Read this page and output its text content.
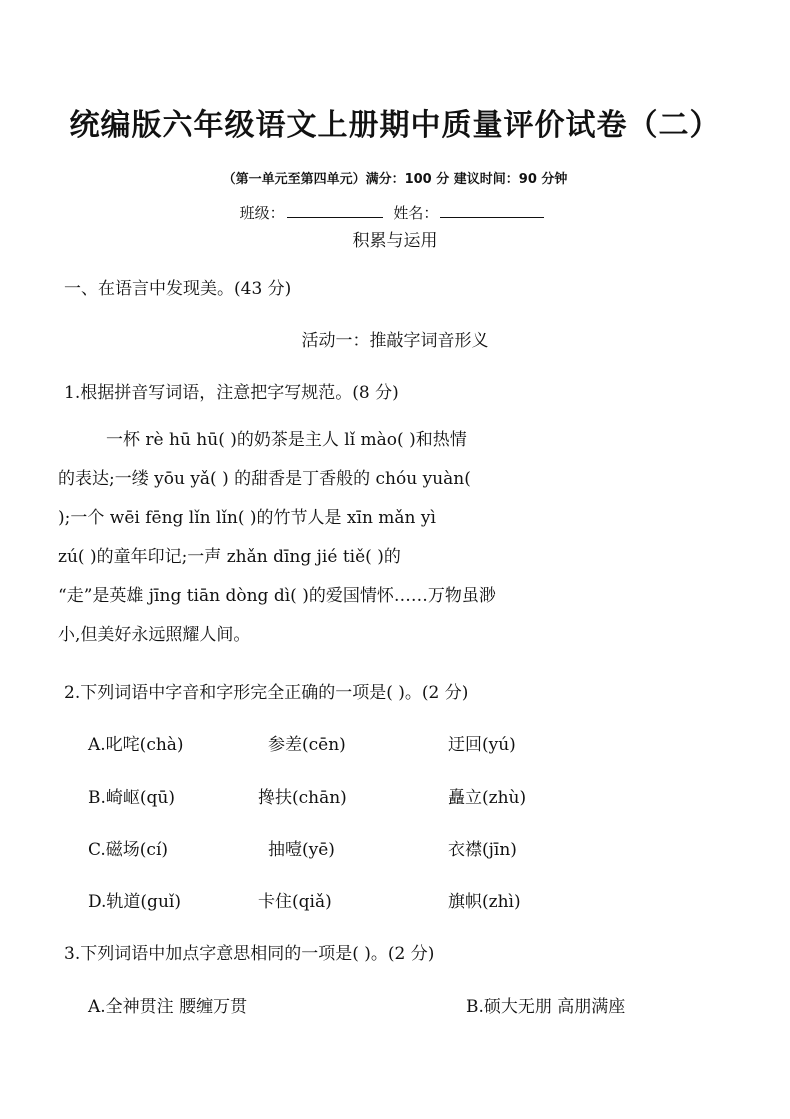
统编版六年级语文上册期中质量评价试卷（二）
（第一单元至第四单元）满分：100 分 建议时间：90 分钟
班级：	姓名：
积累与运用
一、在语言中发现美。(43 分)
活动一：推敲字词音形义
1.根据拼音写词语，注意把字写规范。(8 分)
一杯 rè hū hū( )的奶茶是主人 lǐ mào( )和热情
的表达;一缕 yōu yǎ( ) 的甜香是丁香般的 chóu yuàn(
);一个 wēi fēng lǐn lǐn( )的竹节人是 xīn mǎn yì
zú( )的童年印记;一声 zhǎn dīng jié tiě( )的
“走”是英雄 jīng tiān dòng dì( )的爱国情怀……万物虽渺
小,但美好永远照耀人间。
2.下列词语中字音和字形完全正确的一项是( )。(2 分)
A.叱咤(chà)	参差(cēn)	迂回(yú)
B.崎岖(qū)	搀扶(chān)	矗立(zhù)
C.磁场(cí)	抽噎(yē)	衣襟(jīn)
D.轨道(guǐ)	卡住(qiǎ)	旗帜(zhì)
3.下列词语中加点字意思相同的一项是( )。(2 分)
A.全神贯注 腰缠万贯	B.硕大无朋 高朋满座
